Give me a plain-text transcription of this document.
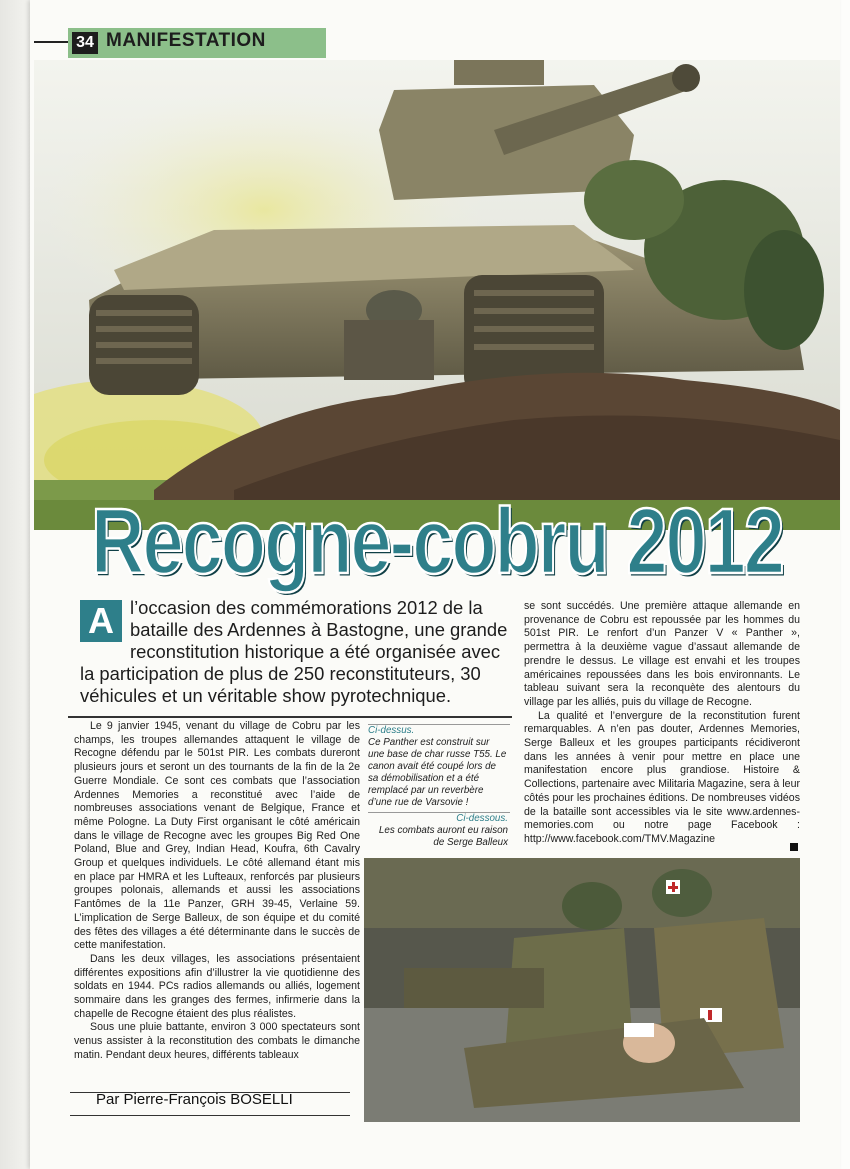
34 MANIFESTATION
Recogne-cobru 2012
A l’occasion des commémorations 2012 de la bataille des Ardennes à Bastogne, une grande reconstitution historique a été organisée avec la participation de plus de 250 reconstituteurs, 30 véhicules et un véritable show pyrotechnique.

Le 9 janvier 1945, venant du village de Cobru par les champs, les troupes allemandes attaquent le village de Recogne défendu par le 501st PIR. Les combats dureront plusieurs jours et seront un des tournants de la fin de la 2e Guerre Mondiale. Ce sont ces combats que l’association Ardennes Memories a reconstitué avec l’aide de nombreuses associations venant de Belgique, France et même Pologne. La Duty First organisant le côté américain dans le village de Recogne avec les groupes Big Red One Poland, Blue and Grey, Indian Head, Koufra, 6th Cavalry Group et quelques individuels. Le côté allemand étant mis en place par HMRA et les Lufteaux, renforcés par plusieurs groupes polonais, allemands et aussi les associations Fantômes de la 11e Panzer, GRH 39-45, Verlaine 59. L’implication de Serge Balleux, de son équipe et du comité des fêtes des villages a été déterminante dans le succès de cette manifestation.

Dans les deux villages, les associations présentaient différentes expositions afin d’illustrer la vie quotidienne des soldats en 1944. PCs radios allemands ou alliés, logement sommaire dans les granges des fermes, infirmerie dans la chapelle de Recogne étaient des plus réalistes.

Sous une pluie battante, environ 3 000 spectateurs sont venus assister à la reconstitution des combats le dimanche matin. Pendant deux heures, différents tableaux

Ci-dessus.
Ce Panther est construit sur une base de char russe T55. Le canon avait été coupé lors de sa démobilisation et a été remplacé par un reverbère d’une rue de Varsovie !
Ci-dessous.
Les combats auront eu raison de Serge Balleux

se sont succédés. Une première attaque allemande en provenance de Cobru est repoussée par les hommes du 501st PIR. Le renfort d’un Panzer V « Panther », permettra à la deuxième vague d’assaut allemande de prendre le dessus. Le village est envahi et les troupes américaines repoussées dans les bois environnants. Le tableau suivant sera la reconquète des alentours du village par les alliés, puis du village de Recogne.

La qualité et l’envergure de la reconstitution furent remarquables. A n’en pas douter, Ardennes Memories, Serge Balleux et les groupes participants récidiveront dans les années à venir pour mettre en place une manifestation encore plus grandiose. Histoire & Collections, partenaire avec Militaria Magazine, sera à leur côtés pour les prochaines éditions. De nombreuses vidéos de la bataille sont accessibles via le site www.ardennes-memories.com ou notre page Facebook : http://www.facebook.com/TMV.Magazine

Par Pierre-François BOSELLI
